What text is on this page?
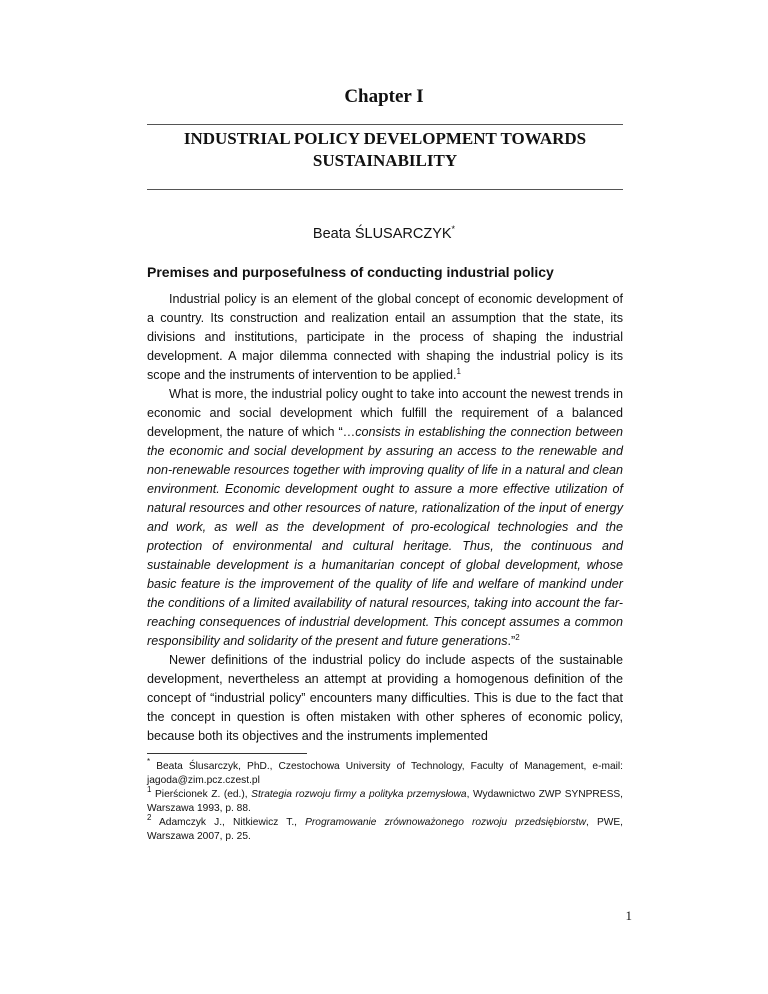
Chapter I
INDUSTRIAL POLICY DEVELOPMENT TOWARDS
SUSTAINABILITY
Beata ŚLUSARCZYK*
Premises and purposefulness of conducting industrial policy

Industrial policy is an element of the global concept of economic development of a country. Its construction and realization entail an assumption that the state, its divisions and institutions, participate in the process of shaping the industrial development. A major dilemma connected with shaping the industrial policy is its scope and the instruments of intervention to be applied.$^1$

What is more, the industrial policy ought to take into account the newest trends in economic and social development which fulfill the requirement of a balanced development, the nature of which “…consists in establishing the connection between the economic and social development by assuring an access to the renewable and non-renewable resources together with improving quality of life in a natural and clean environment. Economic development ought to assure a more effective utilization of natural resources and other resources of nature, rationalization of the input of energy and work, as well as the development of pro-ecological technologies and the protection of environmental and cultural heritage. Thus, the continuous and sustainable development is a humanitarian concept of global development, whose basic feature is the improvement of the quality of life and welfare of mankind under the conditions of a limited availability of natural resources, taking into account the far-reaching consequences of industrial development. This concept assumes a common responsibility and solidarity of the present and future generations.”$^2$

Newer definitions of the industrial policy do include aspects of the sustainable development, nevertheless an attempt at providing a homogenous definition of the concept of “industrial policy” encounters many difficulties. This is due to the fact that the concept in question is often mistaken with other spheres of economic policy, because both its objectives and the instruments implemented

* Beata Ślusarczyk, PhD., Czestochowa University of Technology, Faculty of Management, e-mail: jagoda@zim.pcz.czest.pl

$^1$ Pierścionek Z. (ed.), Strategia rozwoju firmy a polityka przemysłowa, Wydawnictwo ZWP SYNPRESS, Warszawa 1993, p. 88.

$^2$ Adamczyk J., Nitkiewicz T., Programowanie zrównoważonego rozwoju przedsiębiorstw, PWE, Warszawa 2007, p. 25.

1
